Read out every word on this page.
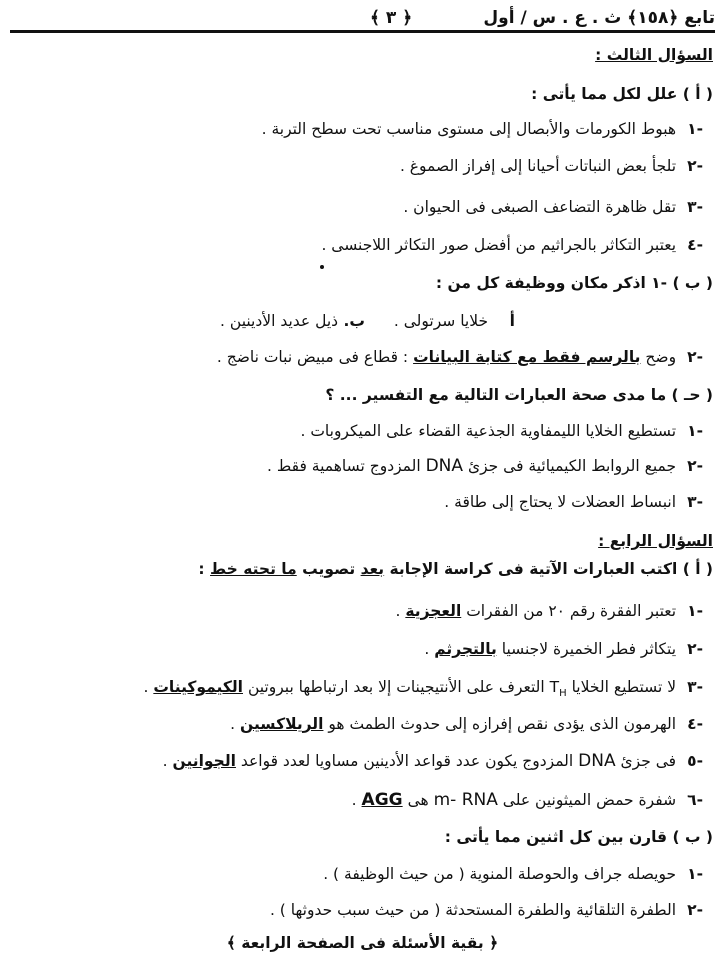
تابع ﴿١٥٨﴾ ث . ع . س / أول
﴿ ٣ ﴾
السؤال الثالث :
( أ ) علل لكل مما يأتى :
-١ هبوط الكورمات والأبصال إلى مستوى مناسب تحت سطح التربة .
-٢ تلجأ بعض النباتات أحيانا إلى إفراز الصموغ .
-٣ تقل ظاهرة التضاعف الصبغى فى الحيوان .
-٤ يعتبر التكاثر بالجراثيم من أفضل صور التكاثر اللاجنسى .
( ب ) -١ اذكر مكان ووظيفة كل من :
أ خلايا سرتولى .
ب. ذيل عديد الأدينين .
-٢ وضح بالرسم فقط مع كتابة البيانات : قطاع فى مبيض نبات ناضج .
( حـ ) ما مدى صحة العبارات التالية مع التفسير ... ؟
-١ تستطيع الخلايا الليمفاوية الجذعية القضاء على الميكروبات .
-٢ جميع الروابط الكيميائية فى جزئ DNA المزدوج تساهمية فقط .
-٣ انبساط العضلات لا يحتاج إلى طاقة .
السؤال الرابع :
( أ ) اكتب العبارات الآتية فى كراسة الإجابة بعد تصويب ما تحته خط :
-١ تعتبر الفقرة رقم ٢٠ من الفقرات العجزية .
-٢ يتكاثر فطر الخميرة لاجنسيا بالتجرثم .
-٣ لا تستطيع الخلايا $T_H$ التعرف على الأنتيجينات إلا بعد ارتباطها ببروتين الكيموكينات .
-٤ الهرمون الذى يؤدى نقص إفرازه إلى حدوث الطمث هو الريلاكسين .
-٥ فى جزئ DNA المزدوج يكون عدد قواعد الأدينين مساويا لعدد قواعد الجوانين .
-٦ شفرة حمض الميثونين على m- RNA هى AGG .
( ب ) قارن بين كل اثنين مما يأتى :
-١ حويصله جراف والحوصلة المنوية ( من حيث الوظيفة ) .
-٢ الطفرة التلقائية والطفرة المستحدثة ( من حيث سبب حدوثها ) .
﴿ بقية الأسئلة فى الصفحة الرابعة ﴾
